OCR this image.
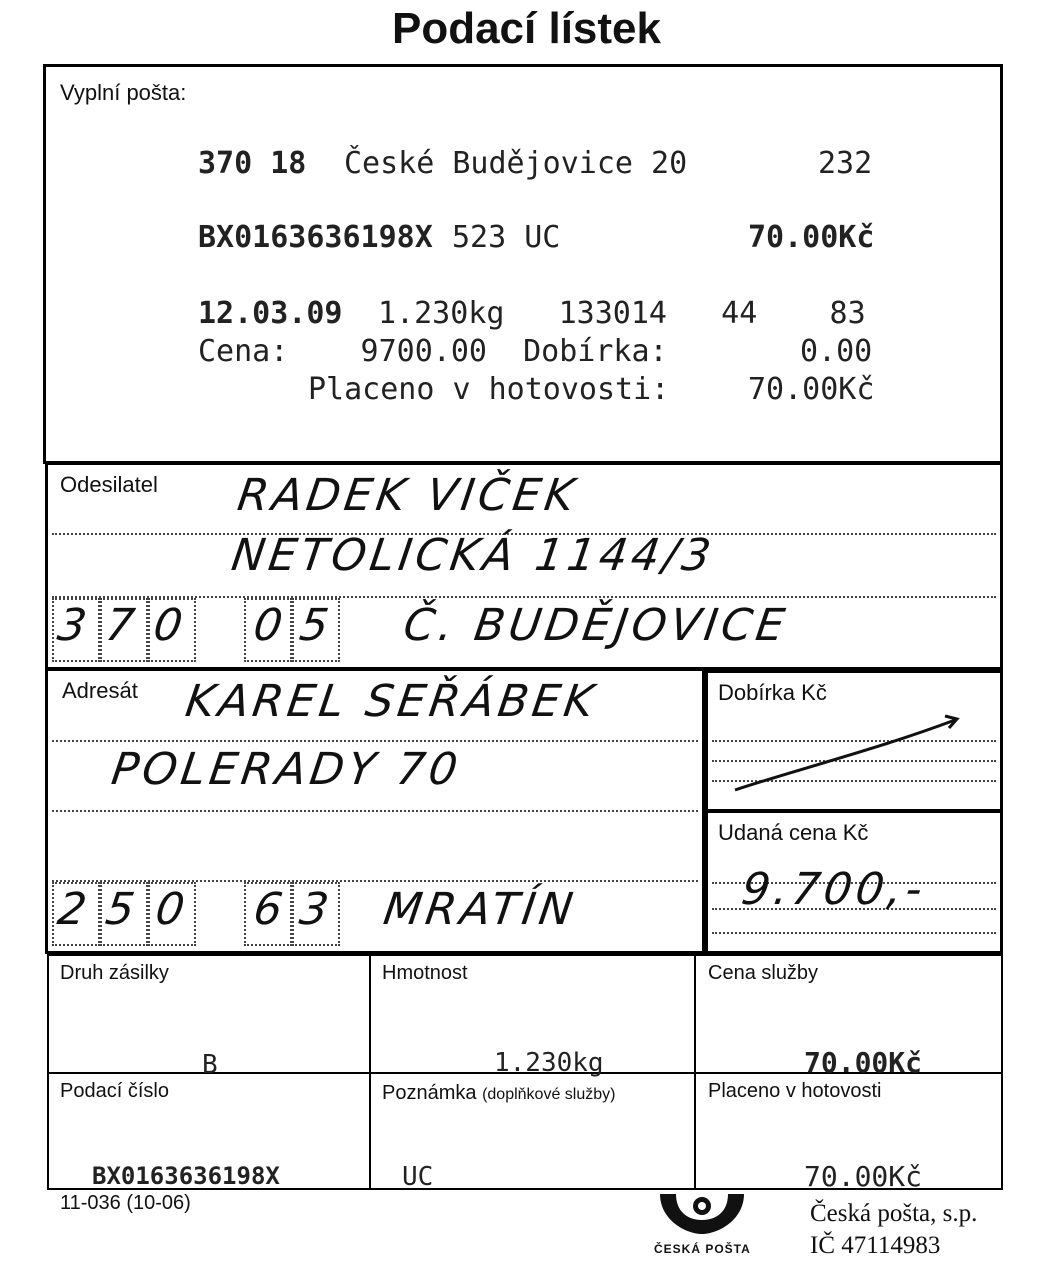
Podací lístek
Vyplní pošta:
370 18 České Budějovice 20	232
BX0163636198X 523 UC	70.00Kč
12.03.09 1.230kg   133014   44    83
Cena:    9700.00  Dobírka:	0.00
Placeno v hotovosti:	70.00Kč
Odesilatel RADEK VIČEK
NETOLICKÁ 1144/3
3 7 0 0 5 Č. BUDĚJOVICE
Adresát KAREL SEŘÁBEK
POLERADY 70
2 5 0 6 3 MRATÍN
Dobírka Kč
Udaná cena Kč
9.700,-
Druh zásilky
B
Hmotnost
1.230kg
Cena služby
70.00Kč
Podací číslo
BX0163636198X
Poznámka (doplňkové služby)
UC
Placeno v hotovosti
70.00Kč
11-036 (10-06)
ČESKÁ POŠTA
Česká pošta, s.p.
IČ 47114983
